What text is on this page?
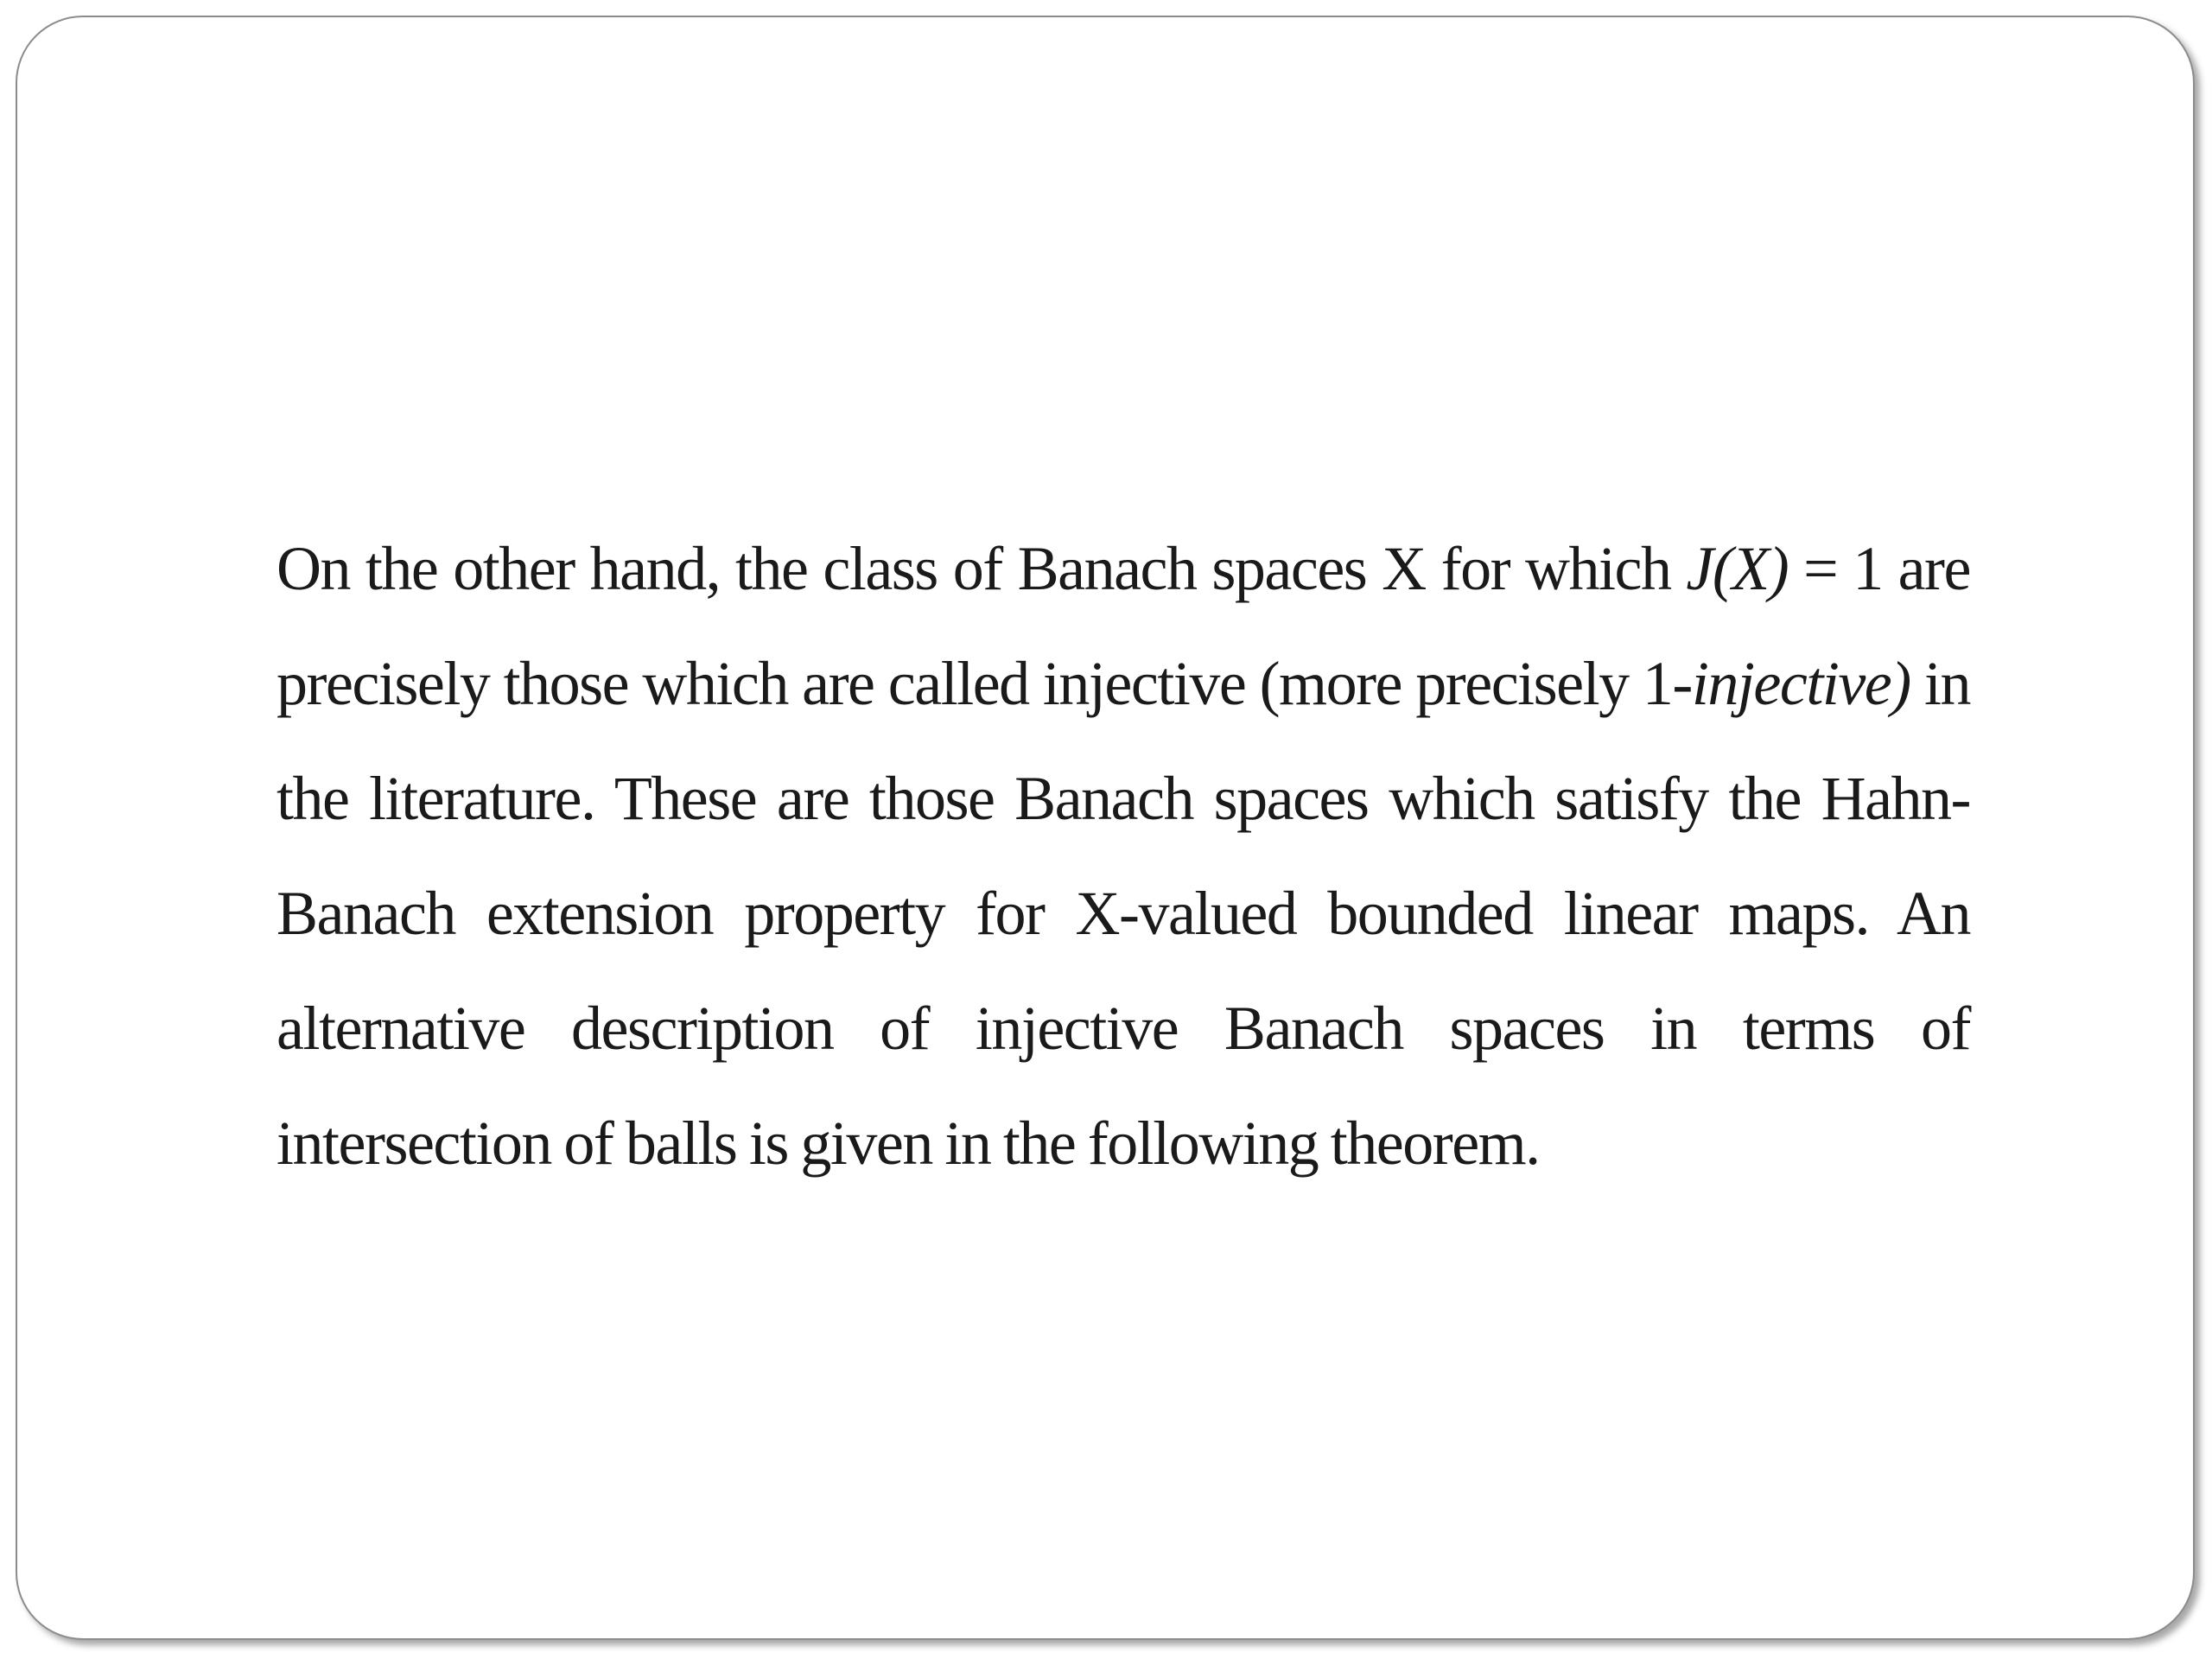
On the other hand, the class of Banach spaces X for which J(X) = 1 are precisely those which are called injective (more precisely 1-injective) in the literature. These are those Banach spaces which satisfy the Hahn-Banach extension property for X-valued bounded linear maps. An alternative description of injective Banach spaces in terms of intersection of balls is given in the following theorem.
